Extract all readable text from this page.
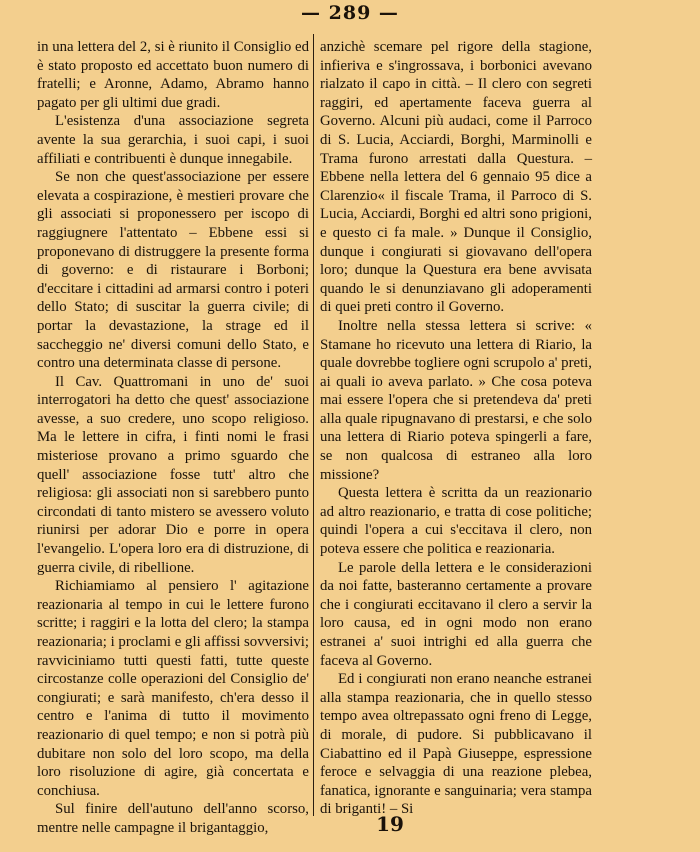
— 289 —

in una lettera del 2, si è riunito il Consiglio ed è stato proposto ed accettato buon numero di fratelli; e Aronne, Adamo, Abramo hanno pagato per gli ultimi due gradi.

L'esistenza d'una associazione segreta avente la sua gerarchia, i suoi capi, i suoi affiliati e contribuenti è dunque innegabile.

Se non che quest'associazione per essere elevata a cospirazione, è mestieri provare che gli associati si proponessero per iscopo di raggiugnere l'attentato – Ebbene essi si proponevano di distruggere la presente forma di governo: e di ristaurare i Borboni; d'eccitare i cittadini ad armarsi contro i poteri dello Stato; di suscitar la guerra civile; di portar la devastazione, la strage ed il saccheggio ne' diversi comuni dello Stato, e contro una determinata classe di persone.

Il Cav. Quattromani in uno de' suoi interrogatori ha detto che quest' associazione avesse, a suo credere, uno scopo religioso. Ma le lettere in cifra, i finti nomi le frasi misteriose provano a primo sguardo che quell' associazione fosse tutt' altro che religiosa: gli associati non si sarebbero punto circondati di tanto mistero se avessero voluto riunirsi per adorar Dio e porre in opera l'evangelio. L'opera loro era di distruzione, di guerra civile, di ribellione.

Richiamiamo al pensiero l' agitazione reazionaria al tempo in cui le lettere furono scritte; i raggiri e la lotta del clero; la stampa reazionaria; i proclami e gli affissi sovversivi; ravviciniamo tutti questi fatti, tutte queste circostanze colle operazioni del Consiglio de' congiurati; e sarà manifesto, ch'era desso il centro e l'anima di tutto il movimento reazionario di quel tempo; e non si potrà più dubitare non solo del loro scopo, ma della loro risoluzione di agire, già concertata e conchiusa.

Sul finire dell'autuno dell'anno scorso, mentre nelle campagne il brigantaggio,

anzichè scemare pel rigore della stagione, infieriva e s'ingrossava, i borbonici avevano rialzato il capo in città. – Il clero con segreti raggiri, ed apertamente faceva guerra al Governo. Alcuni più audaci, come il Parroco di S. Lucia, Acciardi, Borghi, Marminolli e Trama furono arrestati dalla Questura. – Ebbene nella lettera del 6 gennaio 95 dice a Clarenzio« il fiscale Trama, il Parroco di S. Lucia, Acciardi, Borghi ed altri sono prigioni, e questo ci fa male. » Dunque il Consiglio, dunque i congiurati si giovavano dell'opera loro; dunque la Questura era bene avvisata quando le si denunziavano gli adoperamenti di quei preti contro il Governo.

Inoltre nella stessa lettera si scrive: « Stamane ho ricevuto una lettera di Riario, la quale dovrebbe togliere ogni scrupolo a' preti, ai quali io aveva parlato. » Che cosa poteva mai essere l'opera che si pretendeva da' preti alla quale ripugnavano di prestarsi, e che solo una lettera di Riario poteva spingerli a fare, se non qualcosa di estraneo alla loro missione?

Questa lettera è scritta da un reazionario ad altro reazionario, e tratta di cose politiche; quindi l'opera a cui s'eccitava il clero, non poteva essere che politica e reazionaria.

Le parole della lettera e le considerazioni da noi fatte, basteranno certamente a provare che i congiurati eccitavano il clero a servir la loro causa, ed in ogni modo non erano estranei a' suoi intrighi ed alla guerra che faceva al Governo.

Ed i congiurati non erano neanche estranei alla stampa reazionaria, che in quello stesso tempo avea oltrepassato ogni freno di Legge, di morale, di pudore. Si pubblicavano il Ciabattino ed il Papà Giuseppe, espressione feroce e selvaggia di una reazione plebea, fanatica, ignorante e sanguinaria; vera stampa di briganti! – Si

19
